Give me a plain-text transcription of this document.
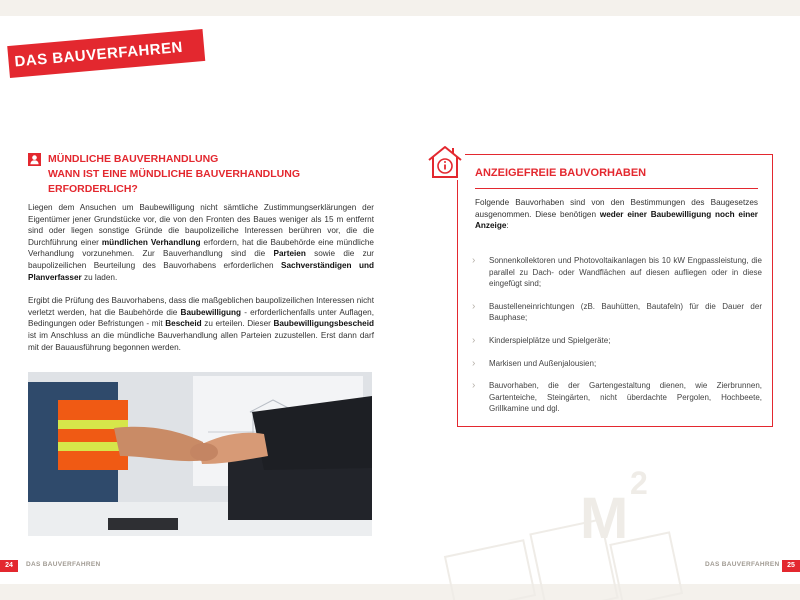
DAS BAUVERFAHREN
MÜNDLICHE BAUVERHANDLUNG
WANN IST EINE MÜNDLICHE BAUVERHANDLUNG ERFORDERLICH?

Liegen dem Ansuchen um Baubewilligung nicht sämtliche Zustimmungserklärungen der Eigentümer jener Grundstücke vor, die von den Fronten des Baues weniger als 15 m entfernt sind oder liegen sonstige Gründe die baupolizeiliche Interessen berühren vor, die die Durchführung einer mündlichen Verhandlung erfordern, hat die Baubehörde eine mündliche Verhandlung vorzunehmen. Zur Bauverhandlung sind die Parteien sowie die zur baupolizeilichen Beurteilung des Bauvorhabens erforderlichen Sachverständigen und Planverfasser zu laden.

Ergibt die Prüfung des Bauvorhabens, dass die maßgeblichen baupolizeilichen Interessen nicht verletzt werden, hat die Baubehörde die Baubewilligung - erforderlichenfalls unter Auflagen, Bedingungen oder Befristungen - mit Bescheid zu erteilen. Dieser Baubewilligungsbescheid ist im Anschluss an die mündliche Bauverhandlung allen Parteien zuzustellen. Erst dann darf mit der Bauausführung begonnen werden.

24	DAS BAUVERFAHREN
M
2
ANZEIGEFREIE BAUVORHABEN

Folgende Bauvorhaben sind von den Bestimmungen des Baugesetzes ausgenommen. Diese benötigen weder einer Baubewilligung noch einer Anzeige:

› Sonnenkollektoren und Photovoltaikanlagen bis 10 kW Engpassleistung, die parallel zu Dach- oder Wandflächen auf diesen aufliegen oder in diese eingefügt sind;
› Baustelleneinrichtungen (zB. Bauhütten, Bautafeln) für die Dauer der Bauphase;
› Kinderspielplätze und Spielgeräte;
› Markisen und Außenjalousien;
› Bauvorhaben, die der Gartengestaltung dienen, wie Zierbrunnen, Gartenteiche, Steingärten, nicht überdachte Pergolen, Hochbeete, Grillkamine und dgl.
DAS BAUVERFAHREN	25
